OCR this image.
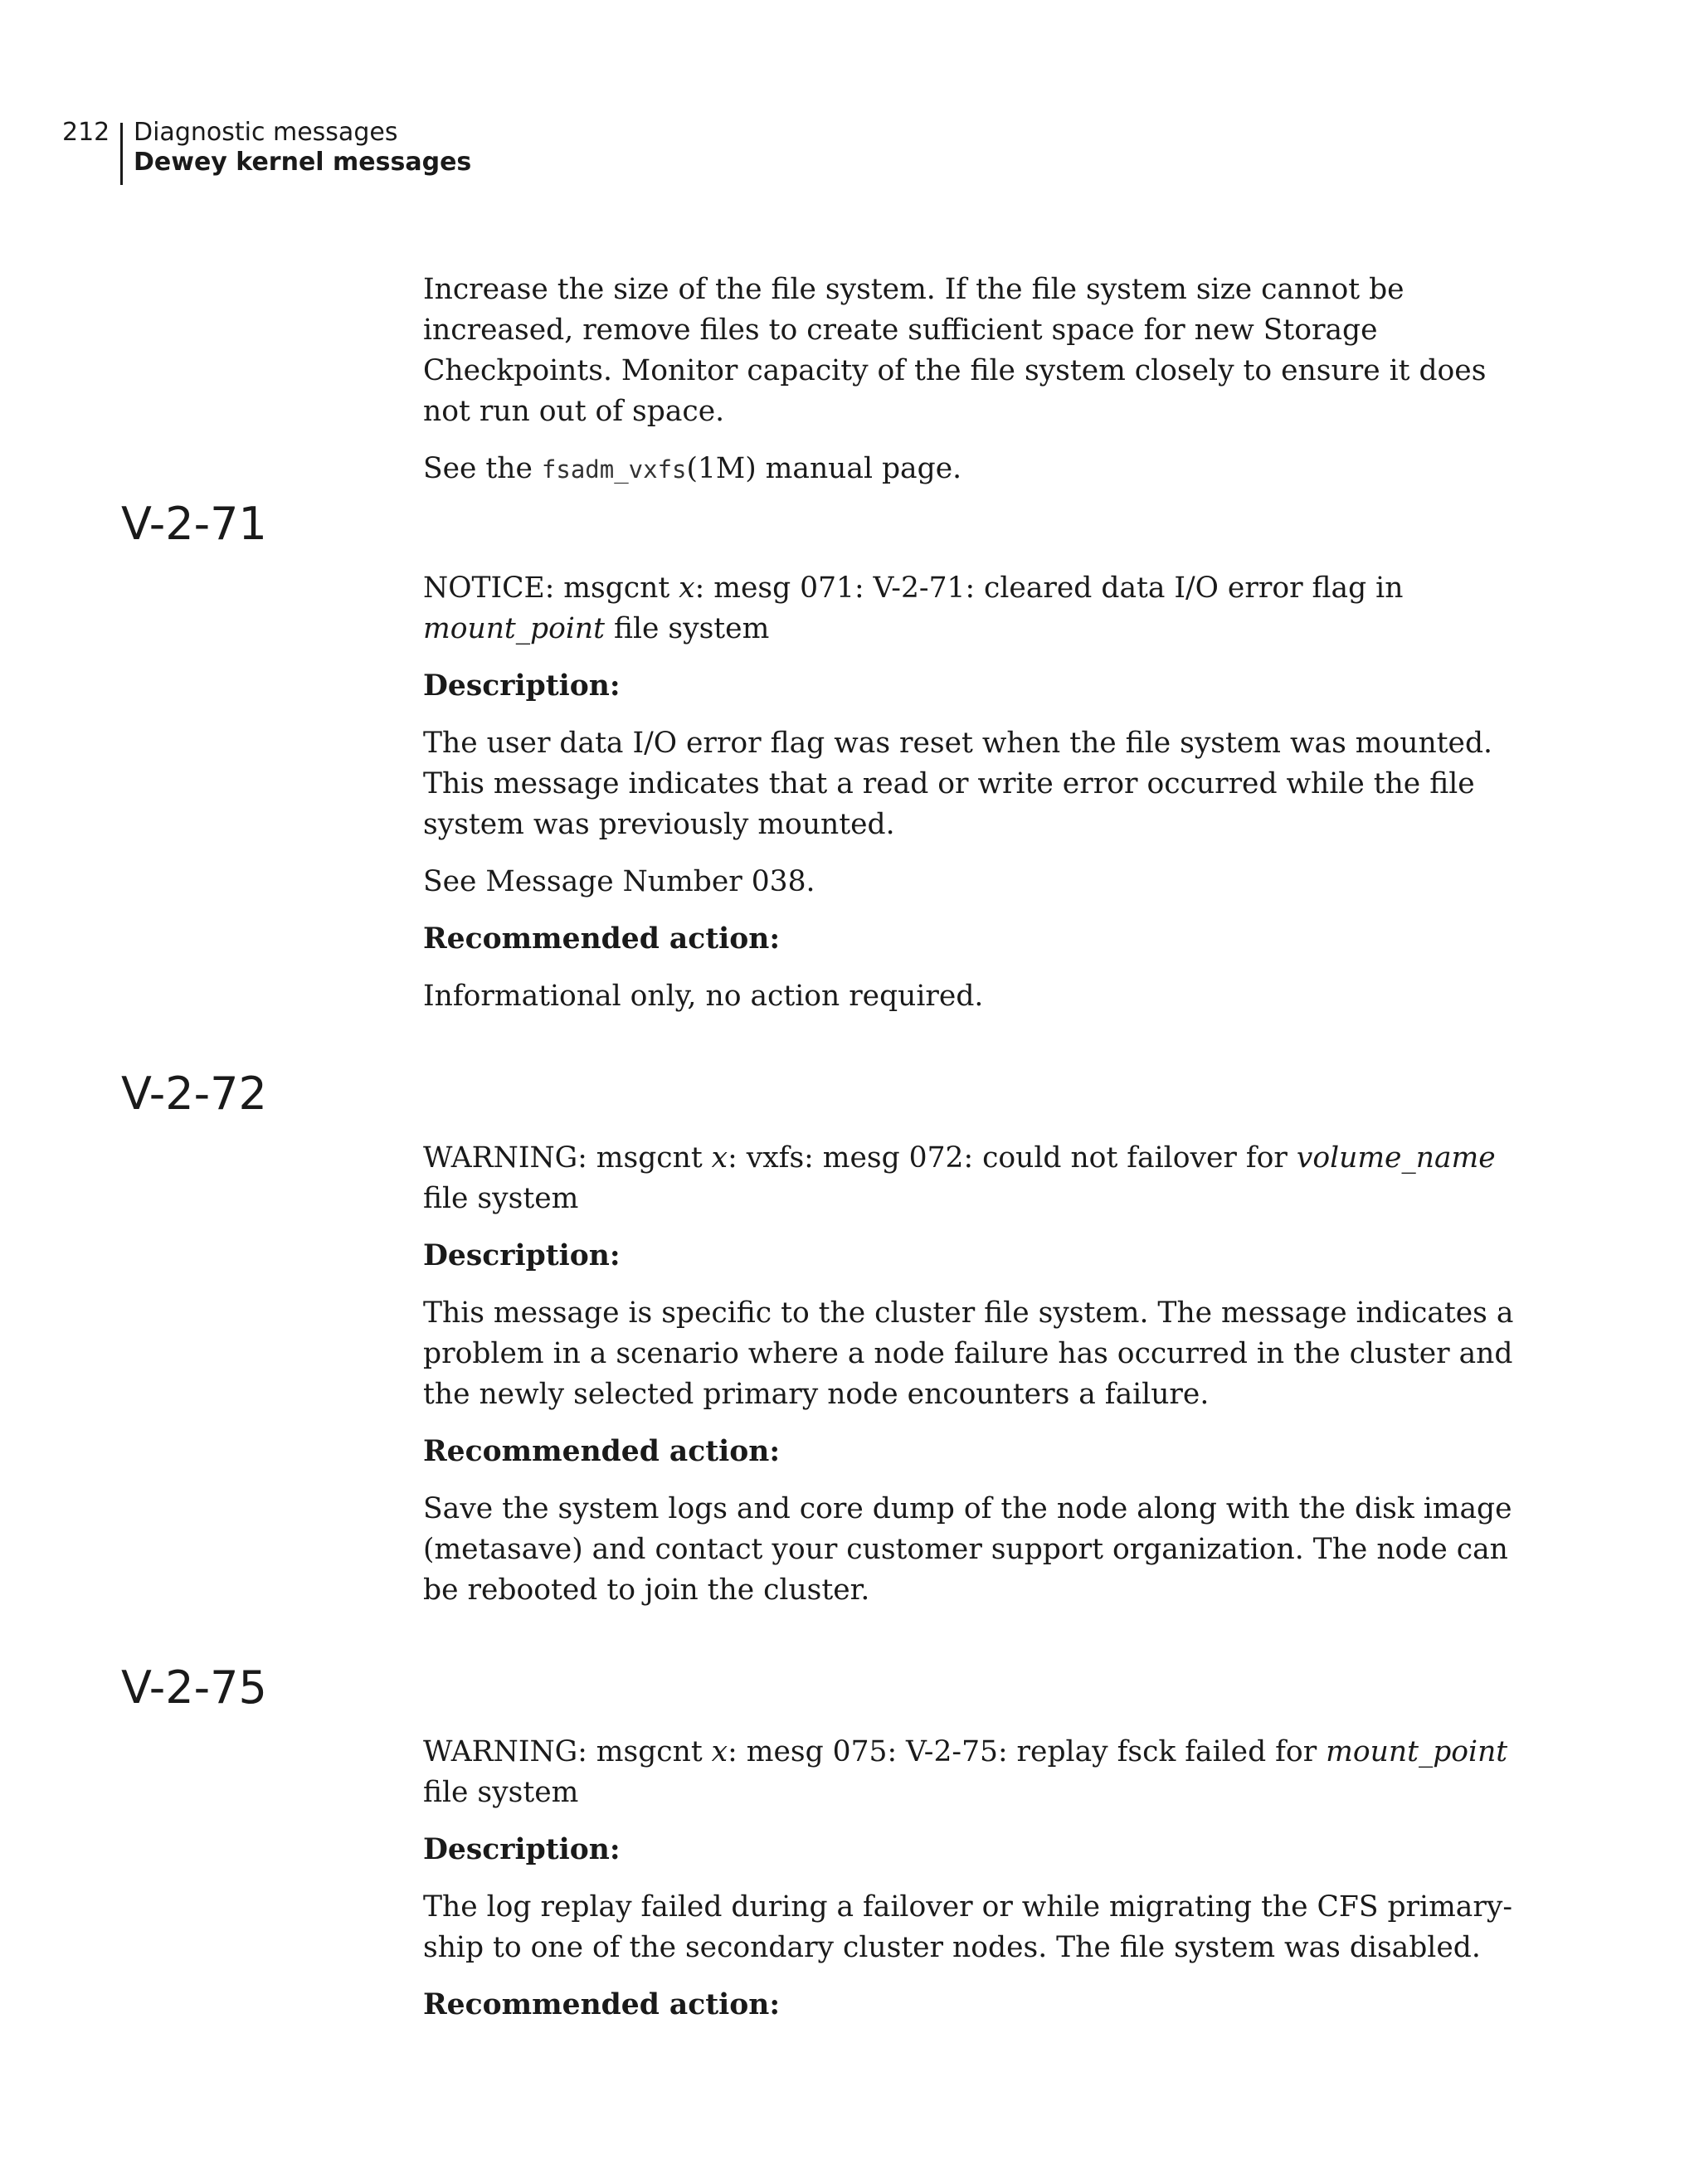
212 Diagnostic messages
Dewey kernel messages

Increase the size of the file system. If the file system size cannot be increased, remove files to create sufficient space for new Storage Checkpoints. Monitor capacity of the file system closely to ensure it does not run out of space.

See the fsadm_vxfs(1M) manual page.

V-2-71

NOTICE: msgcnt x: mesg 071: V-2-71: cleared data I/O error flag in mount_point file system

Description:

The user data I/O error flag was reset when the file system was mounted. This message indicates that a read or write error occurred while the file system was previously mounted.

See Message Number 038.

Recommended action:

Informational only, no action required.

V-2-72

WARNING: msgcnt x: vxfs: mesg 072: could not failover for volume_name file system

Description:

This message is specific to the cluster file system. The message indicates a problem in a scenario where a node failure has occurred in the cluster and the newly selected primary node encounters a failure.

Recommended action:

Save the system logs and core dump of the node along with the disk image (metasave) and contact your customer support organization. The node can be rebooted to join the cluster.

V-2-75

WARNING: msgcnt x: mesg 075: V-2-75: replay fsck failed for mount_point file system

Description:

The log replay failed during a failover or while migrating the CFS primary-ship to one of the secondary cluster nodes. The file system was disabled.

Recommended action:
